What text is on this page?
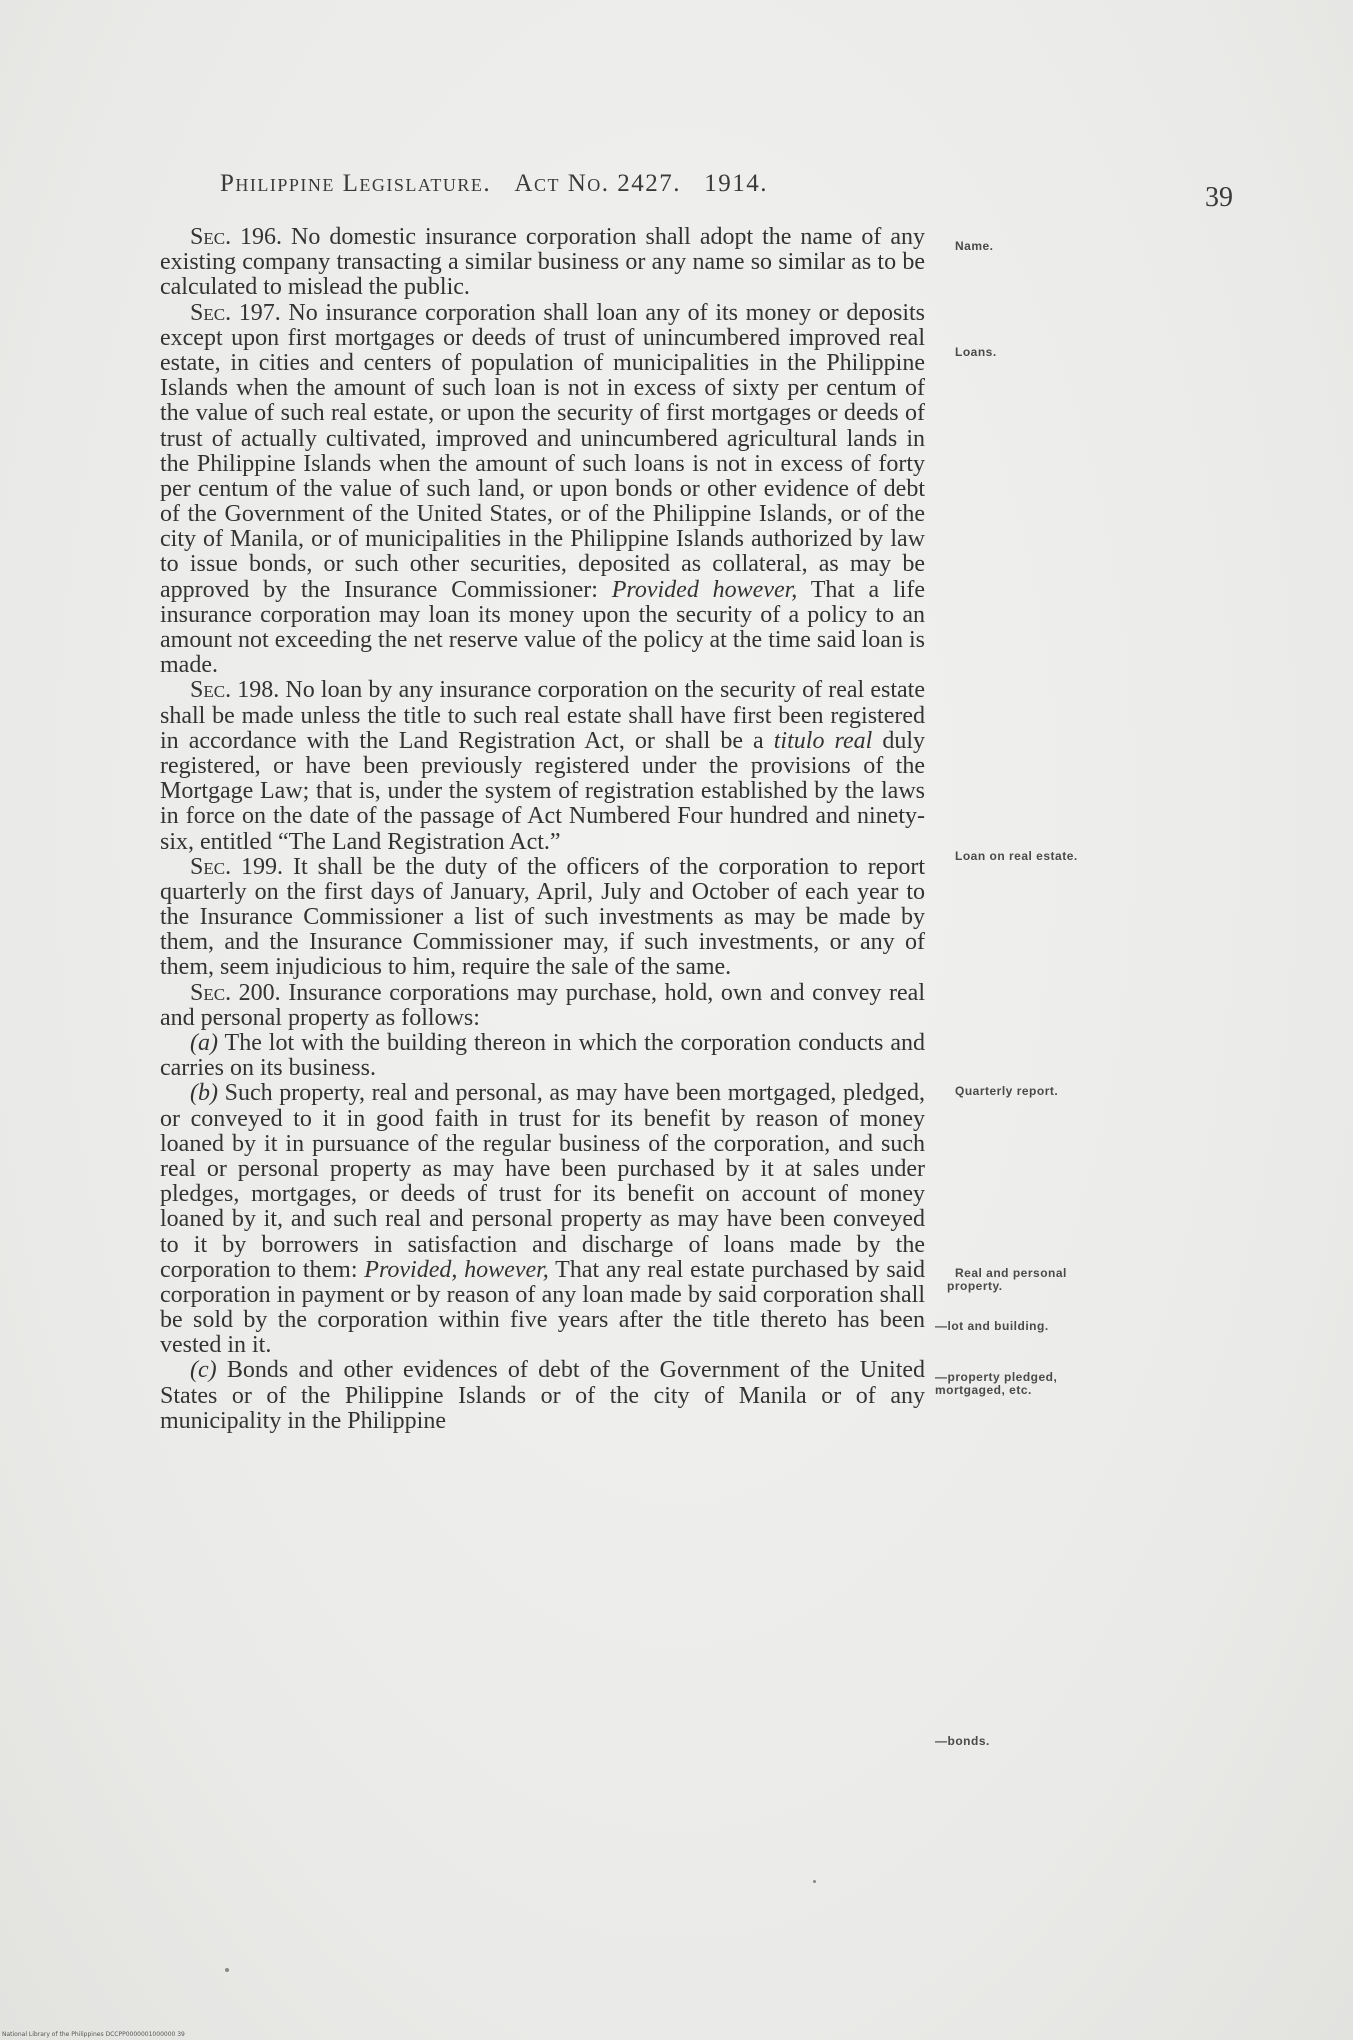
Philippine Legislature. Act No. 2427. 1914.	39

Sec. 196. No domestic insurance corporation shall adopt the name of any existing company transacting a similar business or any name so similar as to be calculated to mislead the public.

Sec. 197. No insurance corporation shall loan any of its money or deposits except upon first mortgages or deeds of trust of unincumbered improved real estate, in cities and centers of population of municipalities in the Philippine Islands when the amount of such loan is not in excess of sixty per centum of the value of such real estate, or upon the security of first mortgages or deeds of trust of actually cultivated, improved and unincumbered agricultural lands in the Philippine Islands when the amount of such loans is not in excess of forty per centum of the value of such land, or upon bonds or other evidence of debt of the Government of the United States, or of the Philippine Islands, or of the city of Manila, or of municipalities in the Philippine Islands authorized by law to issue bonds, or such other securities, deposited as collateral, as may be approved by the Insurance Commissioner: Provided however, That a life insurance corporation may loan its money upon the security of a policy to an amount not exceeding the net reserve value of the policy at the time said loan is made.

Sec. 198. No loan by any insurance corporation on the security of real estate shall be made unless the title to such real estate shall have first been registered in accordance with the Land Registration Act, or shall be a titulo real duly registered, or have been previously registered under the provisions of the Mortgage Law; that is, under the system of registration established by the laws in force on the date of the passage of Act Numbered Four hundred and ninety-six, entitled “The Land Registration Act.”

Sec. 199. It shall be the duty of the officers of the corporation to report quarterly on the first days of January, April, July and October of each year to the Insurance Commissioner a list of such investments as may be made by them, and the Insurance Commissioner may, if such investments, or any of them, seem injudicious to him, require the sale of the same.

Sec. 200. Insurance corporations may purchase, hold, own and convey real and personal property as follows:

(a) The lot with the building thereon in which the corporation conducts and carries on its business.

(b) Such property, real and personal, as may have been mortgaged, pledged, or conveyed to it in good faith in trust for its benefit by reason of money loaned by it in pursuance of the regular business of the corporation, and such real or personal property as may have been purchased by it at sales under pledges, mortgages, or deeds of trust for its benefit on account of money loaned by it, and such real and personal property as may have been conveyed to it by borrowers in satisfaction and discharge of loans made by the corporation to them: Provided, however, That any real estate purchased by said corporation in payment or by reason of any loan made by said corporation shall be sold by the corporation within five years after the title thereto has been vested in it.

(c) Bonds and other evidences of debt of the Government of the United States or of the Philippine Islands or of the city of Manila or of any municipality in the Philippine

Name.
Loans.
Loan on real estate.
Quarterly report.
Real and personal
property.
—lot and building.
—property pledged,
mortgaged, etc.
—bonds.
National Library of the Philippines DCCPP0000001000000 39
